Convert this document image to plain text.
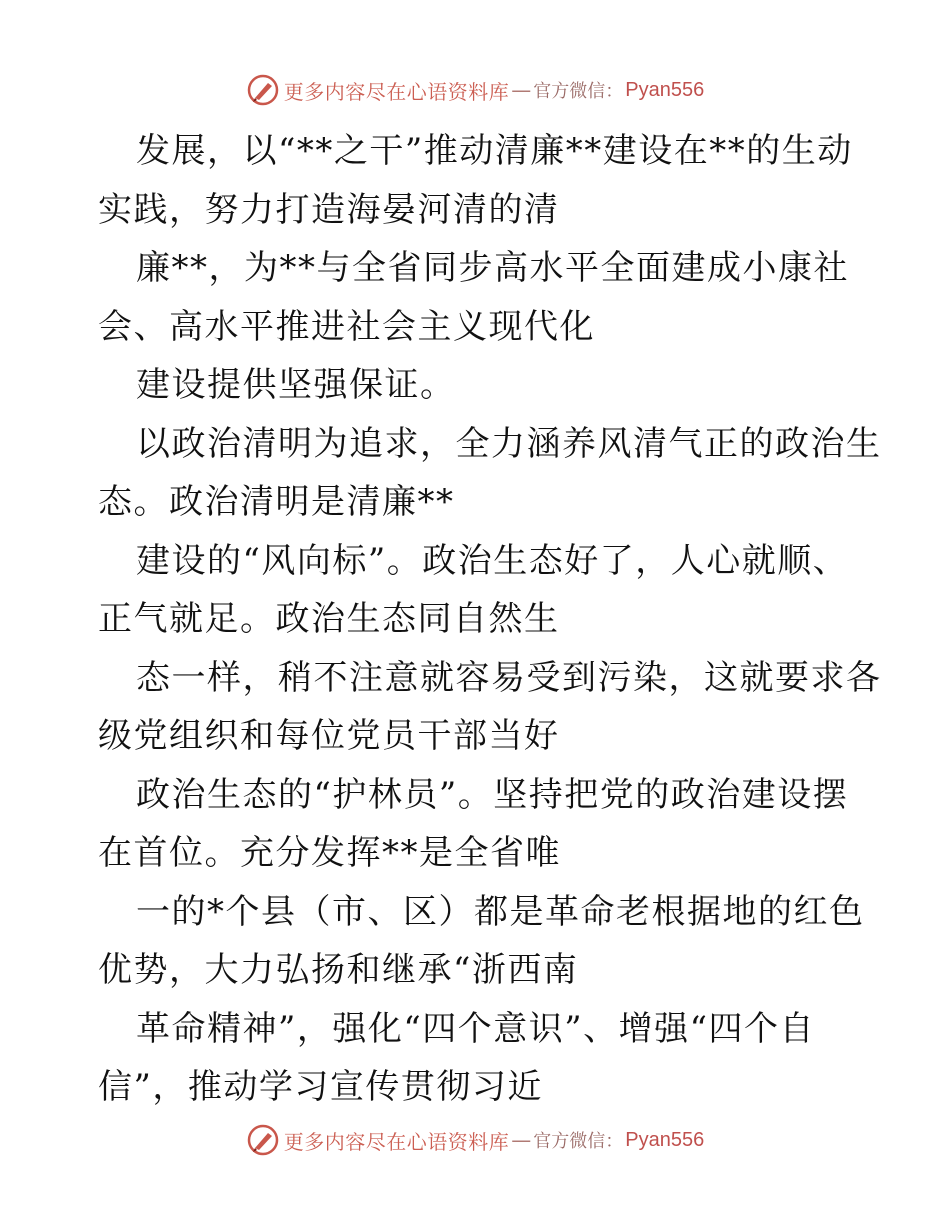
更多内容尽在心语资料库 — 官方微信： Pyan556
发展，以“**之干”推动清廉**建设在**的生动
实践，努力打造海晏河清的清
廉**，为**与全省同步高水平全面建成小康社
会、高水平推进社会主义现代化
建设提供坚强保证。
以政治清明为追求，全力涵养风清气正的政治生
态。政治清明是清廉**
建设的“风向标”。政治生态好了，人心就顺、
正气就足。政治生态同自然生
态一样，稍不注意就容易受到污染，这就要求各
级党组织和每位党员干部当好
政治生态的“护林员”。坚持把党的政治建设摆
在首位。充分发挥**是全省唯
一的*个县（市、区）都是革命老根据地的红色
优势，大力弘扬和继承“浙西南
革命精神”，强化“四个意识”、增强“四个自
信”，推动学习宣传贯彻习近
更多内容尽在心语资料库 — 官方微信： Pyan556
